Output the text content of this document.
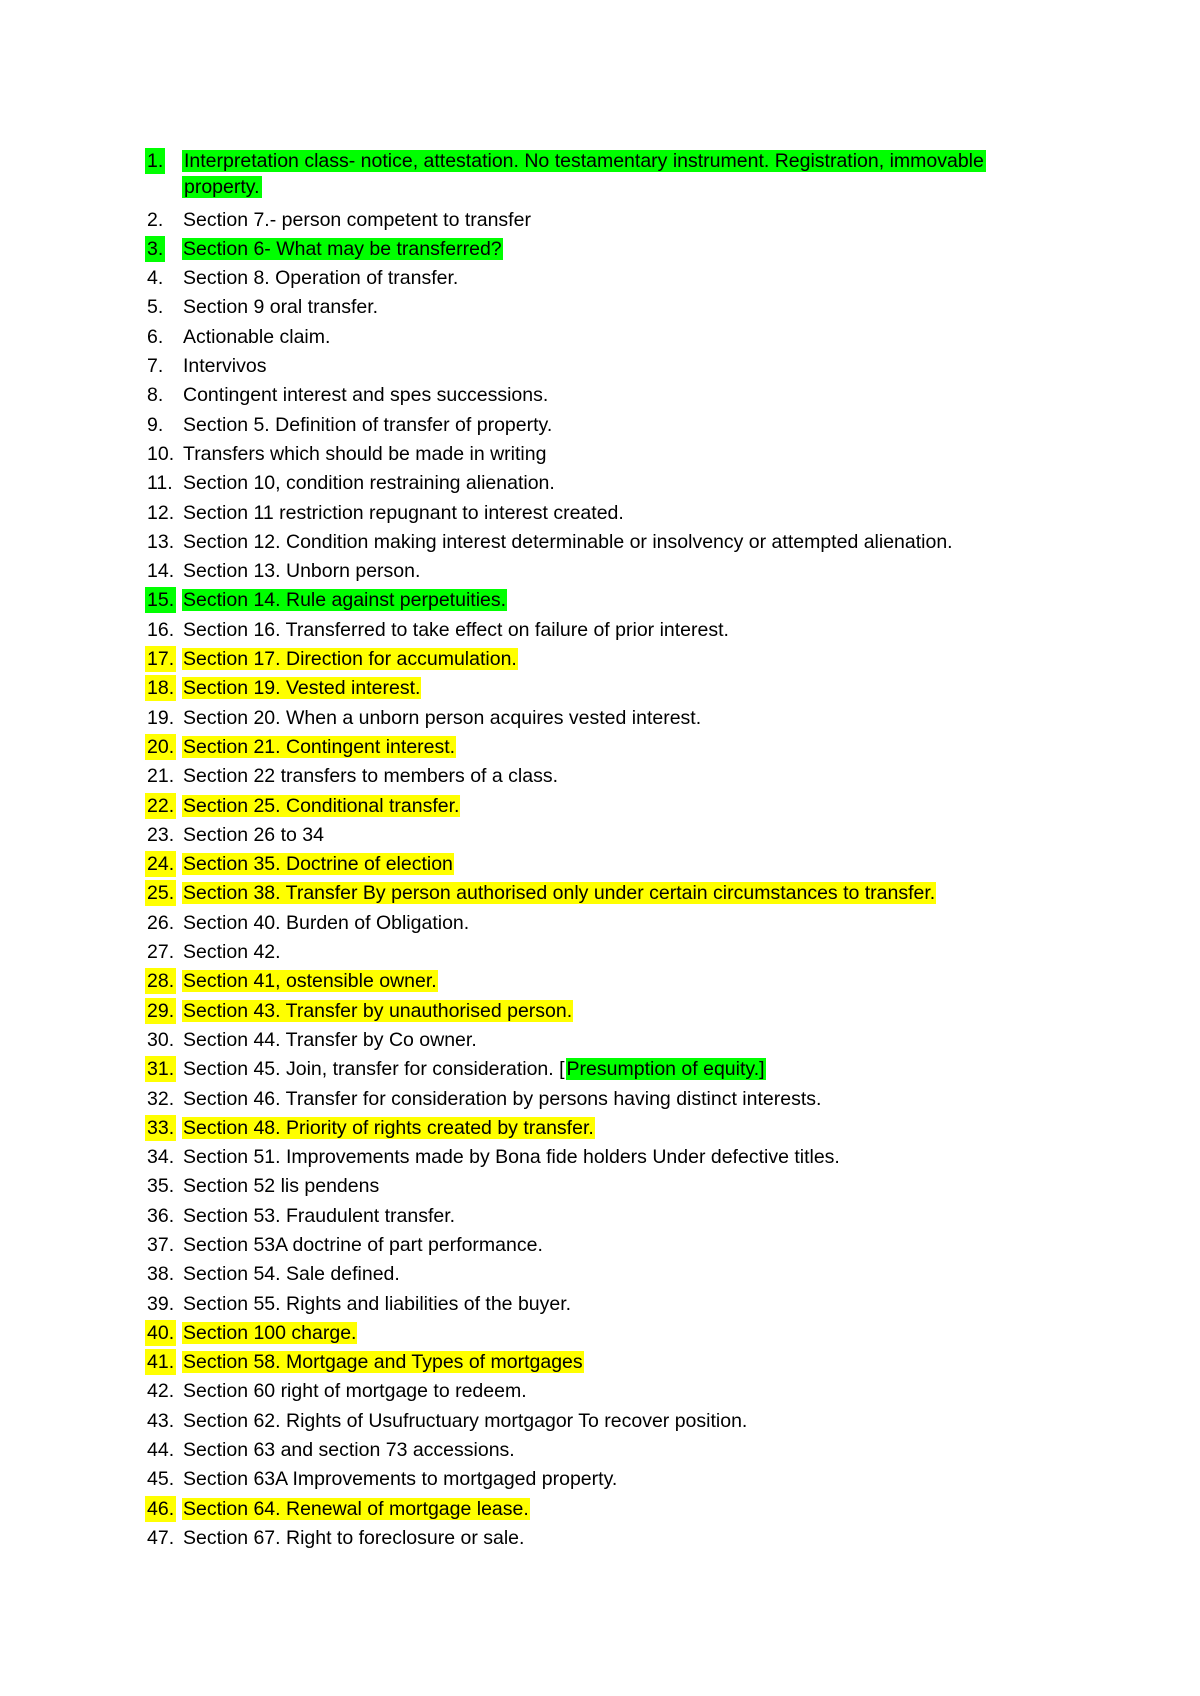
1. Interpretation class- notice, attestation. No testamentary instrument. Registration, immovable property.
2. Section 7.- person competent to transfer
3. Section 6- What may be transferred?
4. Section 8. Operation of transfer.
5. Section 9 oral transfer.
6. Actionable claim.
7. Intervivos
8. Contingent interest and spes successions.
9. Section 5. Definition of transfer of property.
10. Transfers which should be made in writing
11. Section 10, condition restraining alienation.
12. Section 11 restriction repugnant to interest created.
13. Section 12. Condition making interest determinable or insolvency or attempted alienation.
14. Section 13. Unborn person.
15. Section 14. Rule against perpetuities.
16. Section 16. Transferred to take effect on failure of prior interest.
17. Section 17. Direction for accumulation.
18. Section 19. Vested interest.
19. Section 20. When a unborn person acquires vested interest.
20. Section 21. Contingent interest.
21. Section 22 transfers to members of a class.
22. Section 25. Conditional transfer.
23. Section 26 to 34
24. Section 35. Doctrine of election
25. Section 38. Transfer By person authorised only under certain circumstances to transfer.
26. Section 40. Burden of Obligation.
27. Section 42.
28. Section 41, ostensible owner.
29. Section 43. Transfer by unauthorised person.
30. Section 44. Transfer by Co owner.
31. Section 45. Join, transfer for consideration. [ Presumption of equity.]
32. Section 46. Transfer for consideration by persons having distinct interests.
33. Section 48. Priority of rights created by transfer.
34. Section 51. Improvements made by Bona fide holders Under defective titles.
35. Section 52 lis pendens
36. Section 53. Fraudulent transfer.
37. Section 53A doctrine of part performance.
38. Section 54. Sale defined.
39. Section 55. Rights and liabilities of the buyer.
40. Section 100 charge.
41. Section 58. Mortgage and Types of mortgages
42. Section 60 right of mortgage to redeem.
43. Section 62. Rights of Usufructuary mortgagor To recover position.
44. Section 63 and section 73 accessions.
45. Section 63A Improvements to mortgaged property.
46. Section 64. Renewal of mortgage lease.
47. Section 67. Right to foreclosure or sale.
